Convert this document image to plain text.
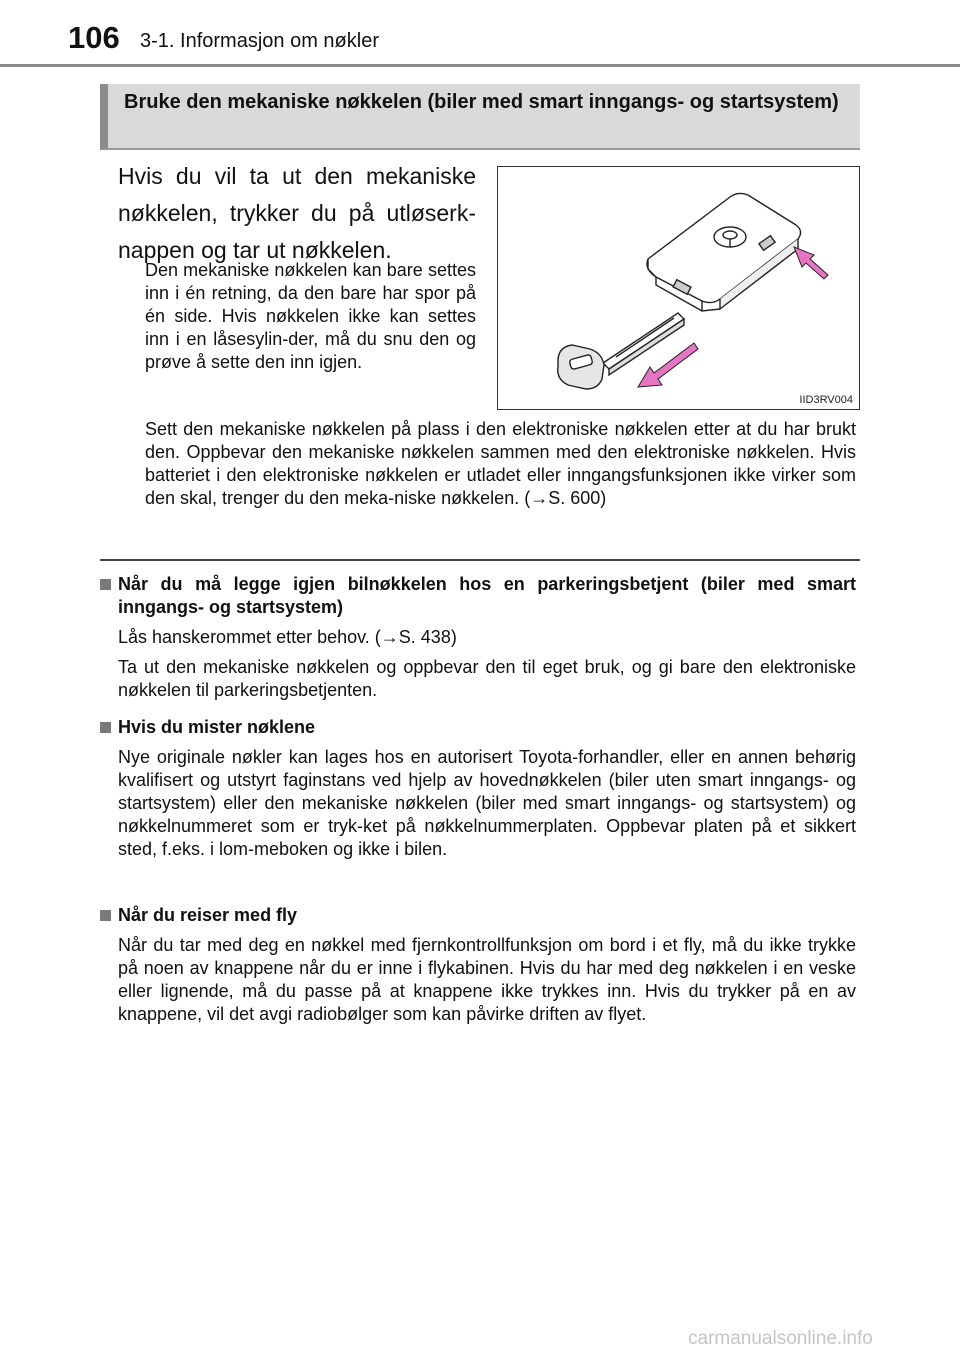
106 3-1. Informasjon om nøkler
Bruke den mekaniske nøkkelen (biler med smart inngangs- og startsystem)
Hvis du vil ta ut den mekaniske nøkkelen, trykker du på utløserk-nappen og tar ut nøkkelen.
Den mekaniske nøkkelen kan bare settes inn i én retning, da den bare har spor på én side. Hvis nøkkelen ikke kan settes inn i en låsesylin-der, må du snu den og prøve å sette den inn igjen.
IID3RV004
Sett den mekaniske nøkkelen på plass i den elektroniske nøkkelen etter at du har brukt den. Oppbevar den mekaniske nøkkelen sammen med den elektroniske nøkkelen. Hvis batteriet i den elektroniske nøkkelen er utladet eller inngangsfunksjonen ikke virker som den skal, trenger du den meka-niske nøkkelen. (→S. 600)
Når du må legge igjen bilnøkkelen hos en parkeringsbetjent (biler med smart inngangs- og startsystem)
Lås hanskerommet etter behov. (→S. 438)
Ta ut den mekaniske nøkkelen og oppbevar den til eget bruk, og gi bare den elektroniske nøkkelen til parkeringsbetjenten.
Hvis du mister nøklene
Nye originale nøkler kan lages hos en autorisert Toyota-forhandler, eller en annen behørig kvalifisert og utstyrt faginstans ved hjelp av hovednøkkelen (biler uten smart inngangs- og startsystem) eller den mekaniske nøkkelen (biler med smart inngangs- og startsystem) og nøkkelnummeret som er tryk-ket på nøkkelnummerplaten. Oppbevar platen på et sikkert sted, f.eks. i lom-meboken og ikke i bilen.
Når du reiser med fly
Når du tar med deg en nøkkel med fjernkontrollfunksjon om bord i et fly, må du ikke trykke på noen av knappene når du er inne i flykabinen. Hvis du har med deg nøkkelen i en veske eller lignende, må du passe på at knappene ikke trykkes inn. Hvis du trykker på en av knappene, vil det avgi radiobølger som kan påvirke driften av flyet.
carmanualsonline.info
